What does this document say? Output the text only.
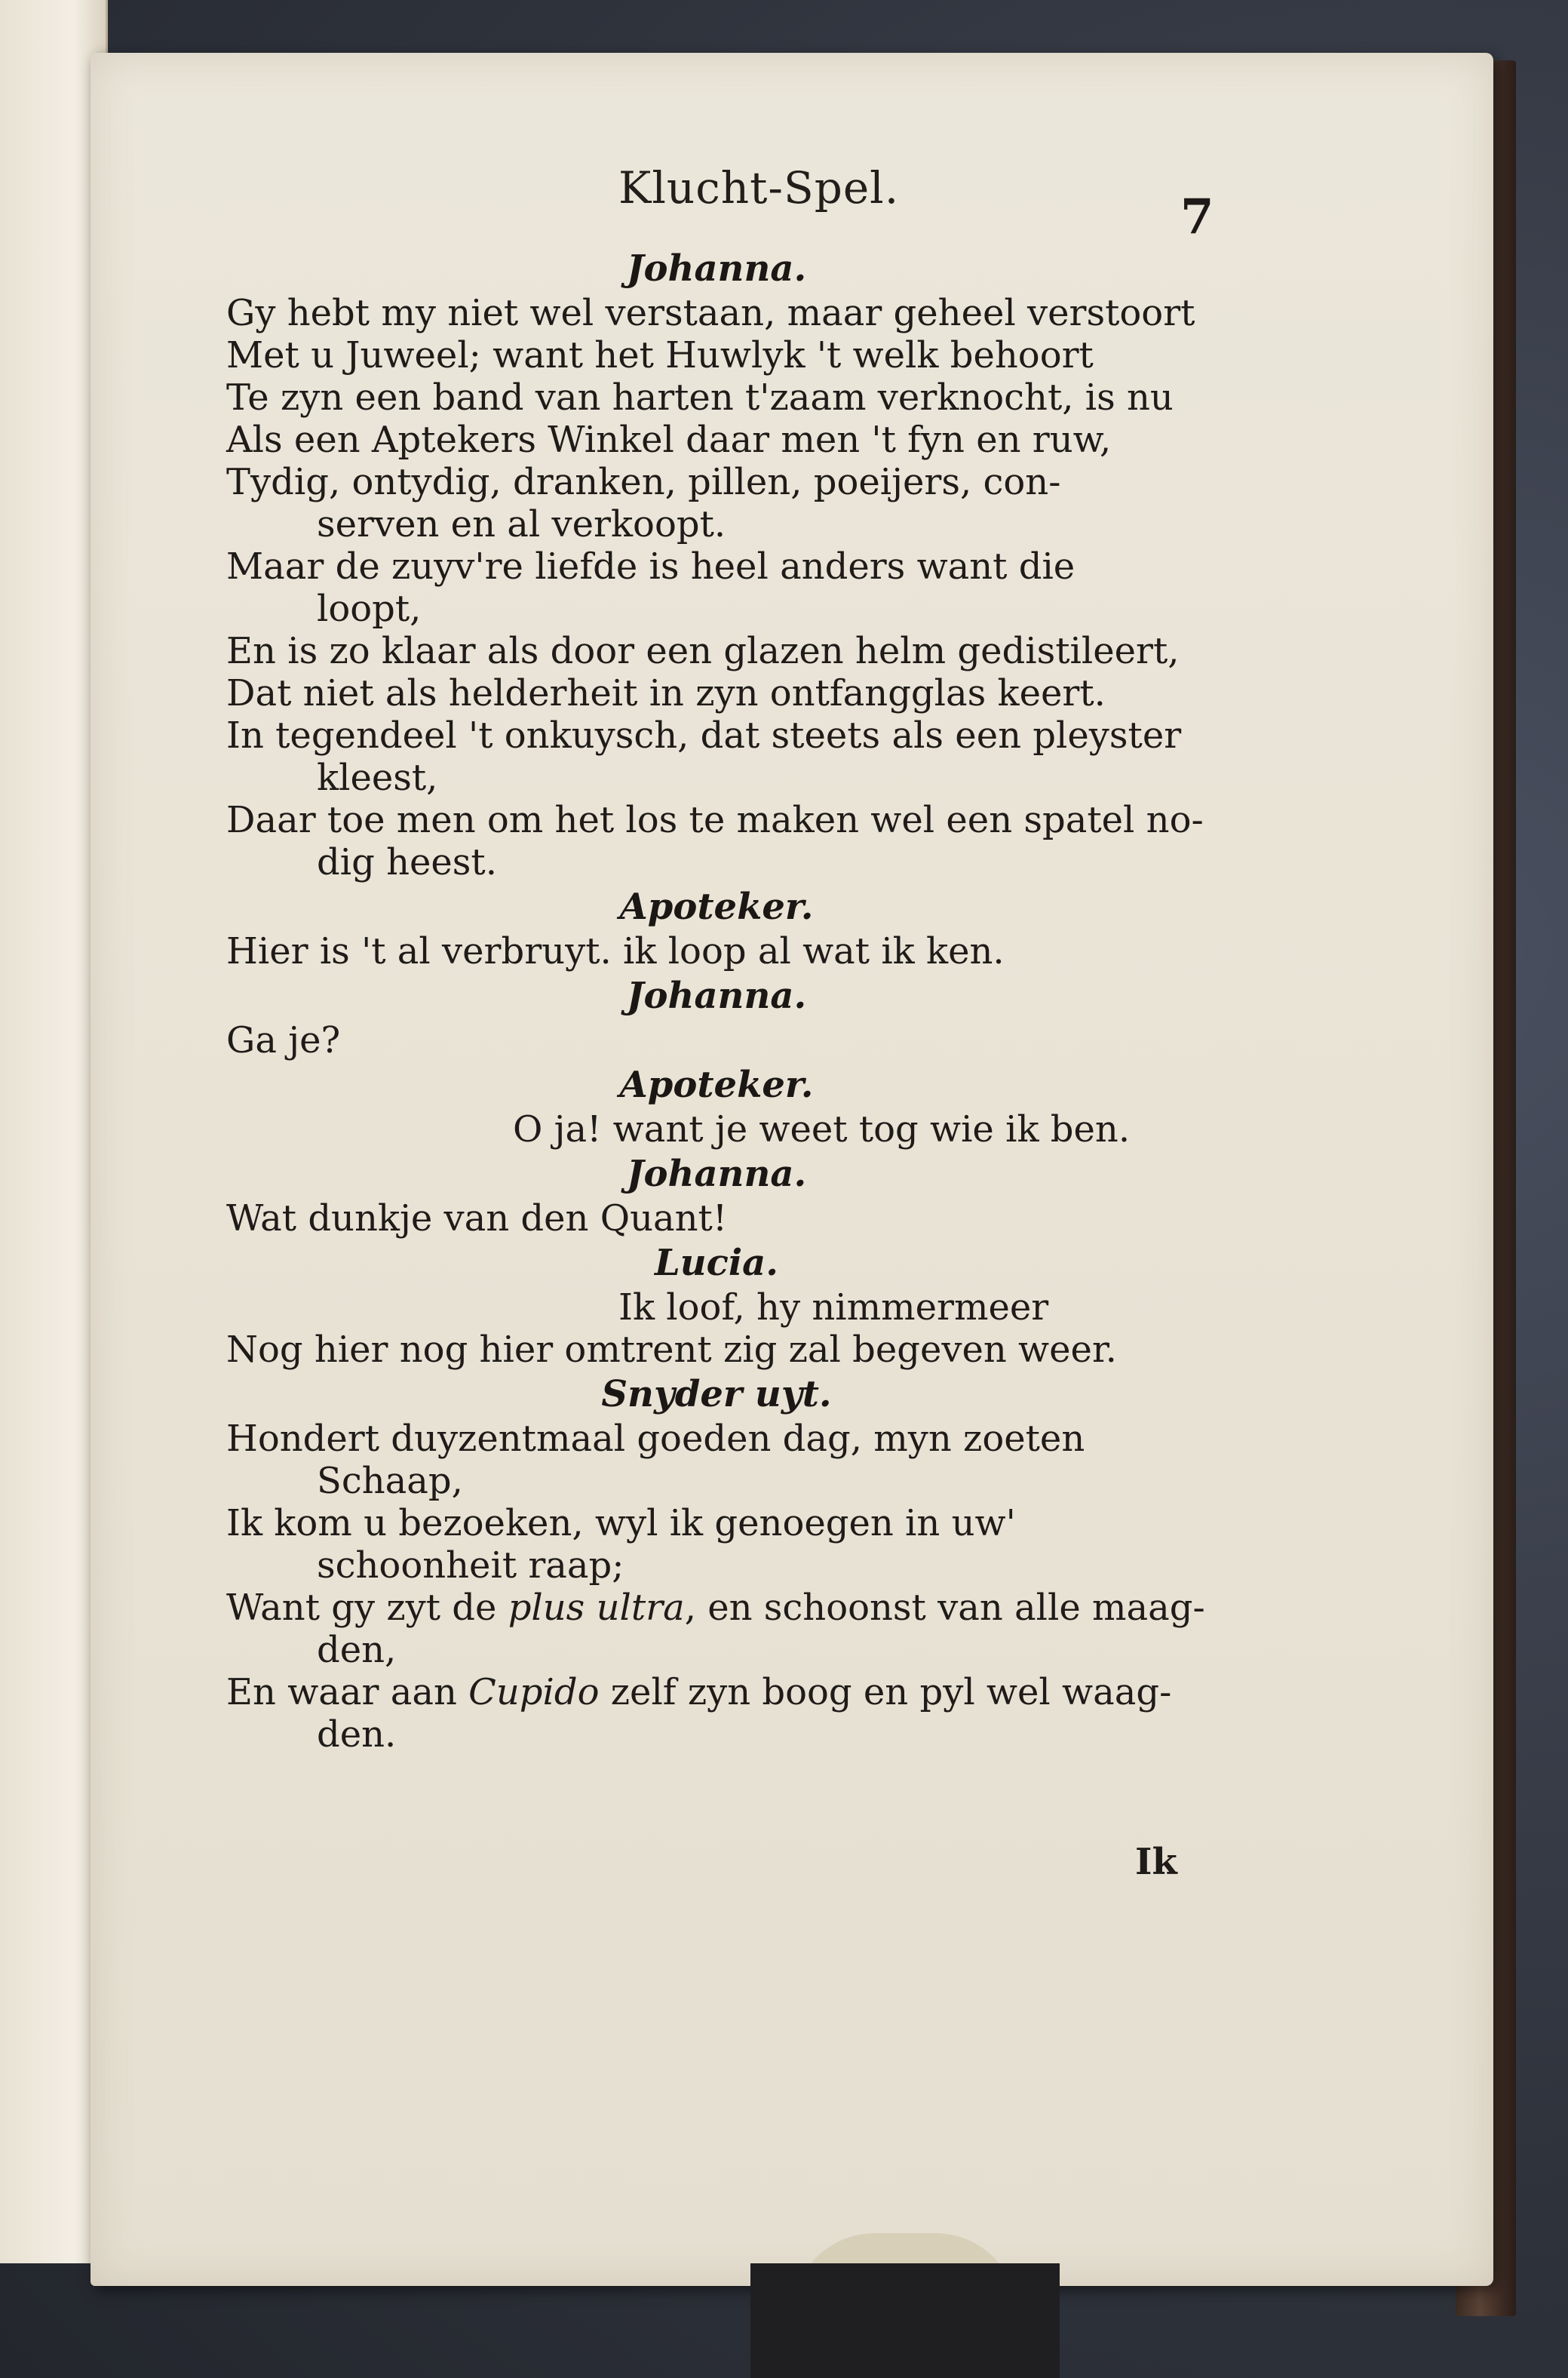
Klucht-Spel.
7
Johanna.
Gy hebt my niet wel verstaan, maar geheel verstoort
Met u Juweel; want het Huwlyk 't welk behoort
Te zyn een band van harten t'zaam verknocht, is nu
Als een Aptekers Winkel daar men 't fyn en ruw,
Tydig, ontydig, dranken, pillen, poeijers, con-
serven en al verkoopt.
Maar de zuyv're liefde is heel anders want die
loopt,
En is zo klaar als door een glazen helm gedistileert,
Dat niet als helderheit in zyn ontfangglas keert.
In tegendeel 't onkuysch, dat steets als een pleyster
kleest,
Daar toe men om het los te maken wel een spatel no-
dig heest.
Apoteker.
Hier is 't al verbruyt. ik loop al wat ik ken.
Johanna.
Ga je?
Apoteker.
O ja! want je weet tog wie ik ben.
Johanna.
Wat dunkje van den Quant!
Lucia.
Ik loof, hy nimmermeer
Nog hier nog hier omtrent zig zal begeven weer.
Snyder uyt.
Hondert duyzentmaal goeden dag, myn zoeten
Schaap,
Ik kom u bezoeken, wyl ik genoegen in uw'
schoonheit raap;
Want gy zyt de plus ultra, en schoonst van alle maag-
den,
En waar aan Cupido zelf zyn boog en pyl wel waag-
den.
Ik
